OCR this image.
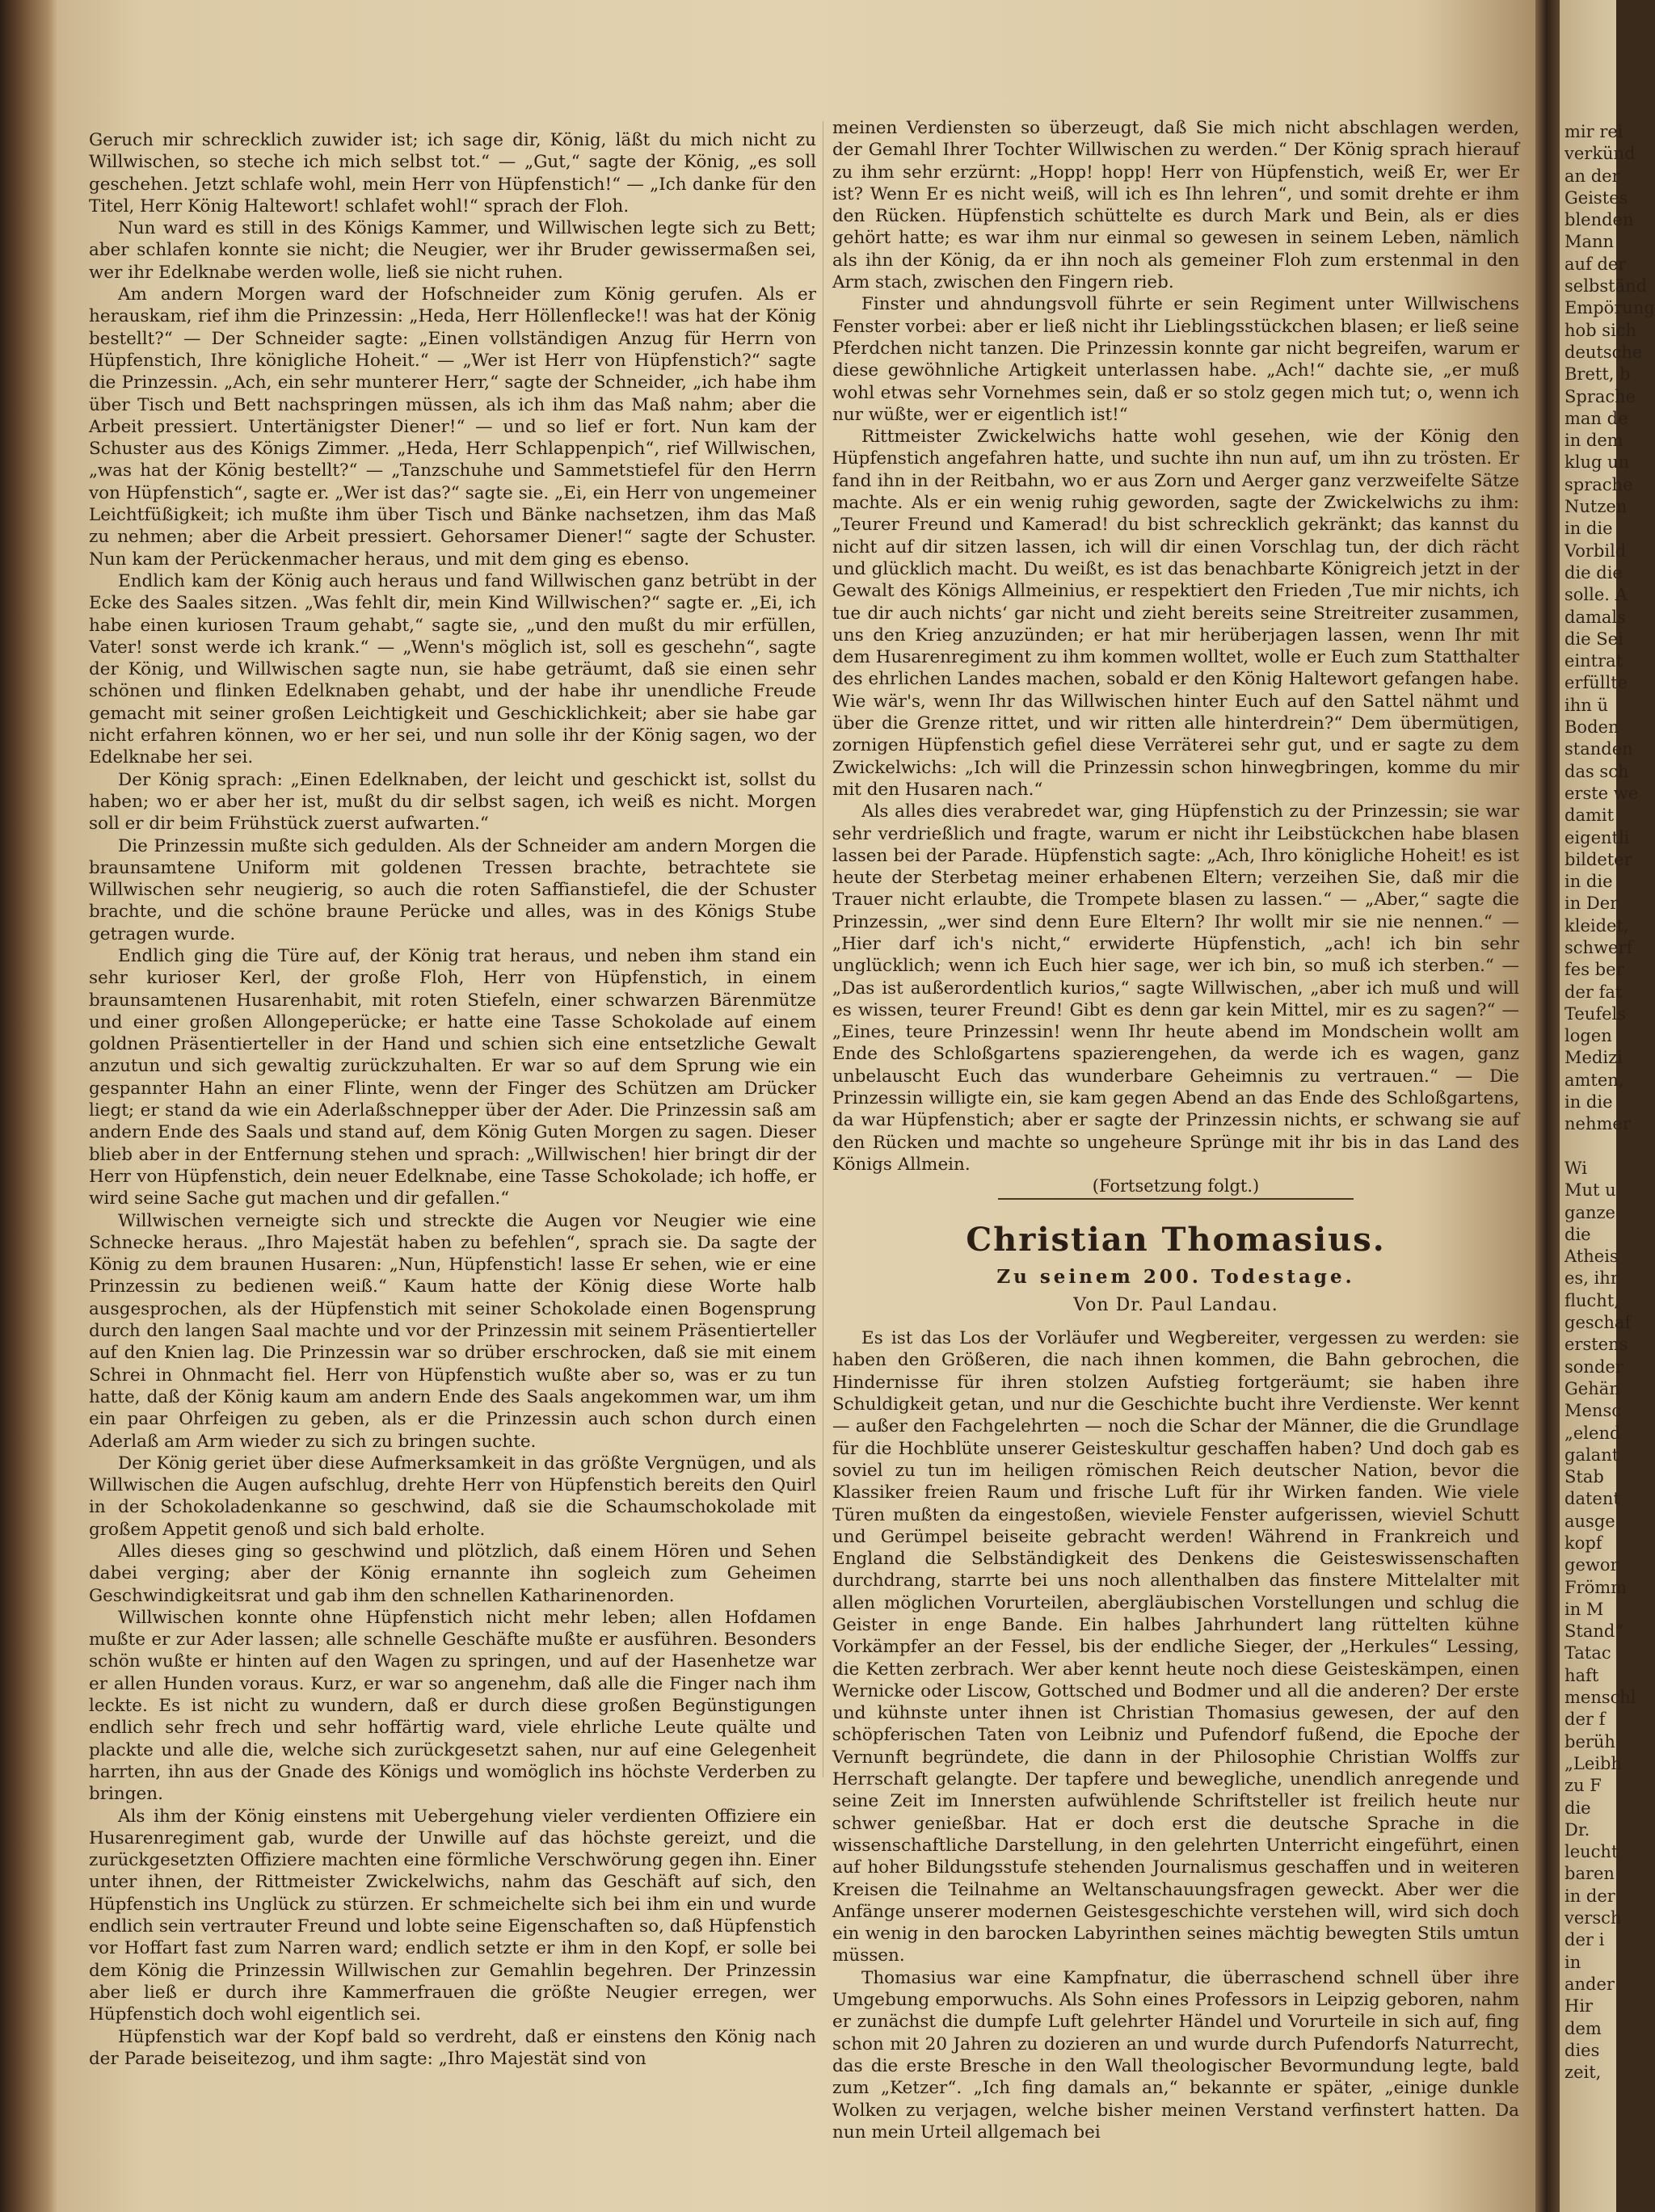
Geruch mir schrecklich zuwider ist; ich sage dir, König, läßt du mich nicht zu Willwischen, so steche ich mich selbst tot.“ — „Gut,“ sagte der König, „es soll geschehen. Jetzt schlafe wohl, mein Herr von Hüpfenstich!“ — „Ich danke für den Titel, Herr König Haltewort! schlafet wohl!“ sprach der Floh.

Nun ward es still in des Königs Kammer, und Willwischen legte sich zu Bett; aber schlafen konnte sie nicht; die Neugier, wer ihr Bruder gewissermaßen sei, wer ihr Edelknabe werden wolle, ließ sie nicht ruhen.

Am andern Morgen ward der Hofschneider zum König gerufen. Als er herauskam, rief ihm die Prinzessin: „Heda, Herr Höllenflecke!! was hat der König bestellt?“ — Der Schneider sagte: „Einen vollständigen Anzug für Herrn von Hüpfenstich, Ihre königliche Hoheit.“ — „Wer ist Herr von Hüpfenstich?“ sagte die Prinzessin. „Ach, ein sehr munterer Herr,“ sagte der Schneider, „ich habe ihm über Tisch und Bett nachspringen müssen, als ich ihm das Maß nahm; aber die Arbeit pressiert. Untertänigster Diener!“ — und so lief er fort. Nun kam der Schuster aus des Königs Zimmer. „Heda, Herr Schlappenpich“, rief Willwischen, „was hat der König bestellt?“ — „Tanzschuhe und Sammetstiefel für den Herrn von Hüpfenstich“, sagte er. „Wer ist das?“ sagte sie. „Ei, ein Herr von ungemeiner Leichtfüßigkeit; ich mußte ihm über Tisch und Bänke nachsetzen, ihm das Maß zu nehmen; aber die Arbeit pressiert. Gehorsamer Diener!“ sagte der Schuster. Nun kam der Perückenmacher heraus, und mit dem ging es ebenso.

Endlich kam der König auch heraus und fand Willwischen ganz betrübt in der Ecke des Saales sitzen. „Was fehlt dir, mein Kind Willwischen?“ sagte er. „Ei, ich habe einen kuriosen Traum gehabt,“ sagte sie, „und den mußt du mir erfüllen, Vater! sonst werde ich krank.“ — „Wenn's möglich ist, soll es geschehn“, sagte der König, und Willwischen sagte nun, sie habe geträumt, daß sie einen sehr schönen und flinken Edelknaben gehabt, und der habe ihr unendliche Freude gemacht mit seiner großen Leichtigkeit und Geschicklichkeit; aber sie habe gar nicht erfahren können, wo er her sei, und nun solle ihr der König sagen, wo der Edelknabe her sei.

Der König sprach: „Einen Edelknaben, der leicht und geschickt ist, sollst du haben; wo er aber her ist, mußt du dir selbst sagen, ich weiß es nicht. Morgen soll er dir beim Frühstück zuerst aufwarten.“

Die Prinzessin mußte sich gedulden. Als der Schneider am andern Morgen die braunsamtene Uniform mit goldenen Tressen brachte, betrachtete sie Willwischen sehr neugierig, so auch die roten Saffianstiefel, die der Schuster brachte, und die schöne braune Perücke und alles, was in des Königs Stube getragen wurde.

Endlich ging die Türe auf, der König trat heraus, und neben ihm stand ein sehr kurioser Kerl, der große Floh, Herr von Hüpfenstich, in einem braunsamtenen Husarenhabit, mit roten Stiefeln, einer schwarzen Bärenmütze und einer großen Allongeperücke; er hatte eine Tasse Schokolade auf einem goldnen Präsentierteller in der Hand und schien sich eine entsetzliche Gewalt anzutun und sich gewaltig zurückzuhalten. Er war so auf dem Sprung wie ein gespannter Hahn an einer Flinte, wenn der Finger des Schützen am Drücker liegt; er stand da wie ein Aderlaßschnepper über der Ader. Die Prinzessin saß am andern Ende des Saals und stand auf, dem König Guten Morgen zu sagen. Dieser blieb aber in der Entfernung stehen und sprach: „Willwischen! hier bringt dir der Herr von Hüpfenstich, dein neuer Edelknabe, eine Tasse Schokolade; ich hoffe, er wird seine Sache gut machen und dir gefallen.“

Willwischen verneigte sich und streckte die Augen vor Neugier wie eine Schnecke heraus. „Ihro Majestät haben zu befehlen“, sprach sie. Da sagte der König zu dem braunen Husaren: „Nun, Hüpfenstich! lasse Er sehen, wie er eine Prinzessin zu bedienen weiß.“ Kaum hatte der König diese Worte halb ausgesprochen, als der Hüpfenstich mit seiner Schokolade einen Bogensprung durch den langen Saal machte und vor der Prinzessin mit seinem Präsentierteller auf den Knien lag. Die Prinzessin war so drüber erschrocken, daß sie mit einem Schrei in Ohnmacht fiel. Herr von Hüpfenstich wußte aber so, was er zu tun hatte, daß der König kaum am andern Ende des Saals angekommen war, um ihm ein paar Ohrfeigen zu geben, als er die Prinzessin auch schon durch einen Aderlaß am Arm wieder zu sich zu bringen suchte.

Der König geriet über diese Aufmerksamkeit in das größte Vergnügen, und als Willwischen die Augen aufschlug, drehte Herr von Hüpfenstich bereits den Quirl in der Schokoladenkanne so geschwind, daß sie die Schaumschokolade mit großem Appetit genoß und sich bald erholte.

Alles dieses ging so geschwind und plötzlich, daß einem Hören und Sehen dabei verging; aber der König ernannte ihn sogleich zum Geheimen Geschwindigkeitsrat und gab ihm den schnellen Katharinenorden.

Willwischen konnte ohne Hüpfenstich nicht mehr leben; allen Hofdamen mußte er zur Ader lassen; alle schnelle Geschäfte mußte er ausführen. Besonders schön wußte er hinten auf den Wagen zu springen, und auf der Hasenhetze war er allen Hunden voraus. Kurz, er war so angenehm, daß alle die Finger nach ihm leckte. Es ist nicht zu wundern, daß er durch diese großen Begünstigungen endlich sehr frech und sehr hoffärtig ward, viele ehrliche Leute quälte und plackte und alle die, welche sich zurückgesetzt sahen, nur auf eine Gelegenheit harrten, ihn aus der Gnade des Königs und womöglich ins höchste Verderben zu bringen.

Als ihm der König einstens mit Uebergehung vieler verdienten Offiziere ein Husarenregiment gab, wurde der Unwille auf das höchste gereizt, und die zurückgesetzten Offiziere machten eine förmliche Verschwörung gegen ihn. Einer unter ihnen, der Rittmeister Zwickelwichs, nahm das Geschäft auf sich, den Hüpfenstich ins Unglück zu stürzen. Er schmeichelte sich bei ihm ein und wurde endlich sein vertrauter Freund und lobte seine Eigenschaften so, daß Hüpfenstich vor Hoffart fast zum Narren ward; endlich setzte er ihm in den Kopf, er solle bei dem König die Prinzessin Willwischen zur Gemahlin begehren. Der Prinzessin aber ließ er durch ihre Kammerfrauen die größte Neugier erregen, wer Hüpfenstich doch wohl eigentlich sei.

Hüpfenstich war der Kopf bald so verdreht, daß er einstens den König nach der Parade beiseitezog, und ihm sagte: „Ihro Majestät sind von

meinen Verdiensten so überzeugt, daß Sie mich nicht abschlagen werden, der Gemahl Ihrer Tochter Willwischen zu werden.“ Der König sprach hierauf zu ihm sehr erzürnt: „Hopp! hopp! Herr von Hüpfenstich, weiß Er, wer Er ist? Wenn Er es nicht weiß, will ich es Ihn lehren“, und somit drehte er ihm den Rücken. Hüpfenstich schüttelte es durch Mark und Bein, als er dies gehört hatte; es war ihm nur einmal so gewesen in seinem Leben, nämlich als ihn der König, da er ihn noch als gemeiner Floh zum erstenmal in den Arm stach, zwischen den Fingern rieb.

Finster und ahndungsvoll führte er sein Regiment unter Willwischens Fenster vorbei: aber er ließ nicht ihr Lieblingsstückchen blasen; er ließ seine Pferdchen nicht tanzen. Die Prinzessin konnte gar nicht begreifen, warum er diese gewöhnliche Artigkeit unterlassen habe. „Ach!“ dachte sie, „er muß wohl etwas sehr Vornehmes sein, daß er so stolz gegen mich tut; o, wenn ich nur wüßte, wer er eigentlich ist!“

Rittmeister Zwickelwichs hatte wohl gesehen, wie der König den Hüpfenstich angefahren hatte, und suchte ihn nun auf, um ihn zu trösten. Er fand ihn in der Reitbahn, wo er aus Zorn und Aerger ganz verzweifelte Sätze machte. Als er ein wenig ruhig geworden, sagte der Zwickelwichs zu ihm: „Teurer Freund und Kamerad! du bist schrecklich gekränkt; das kannst du nicht auf dir sitzen lassen, ich will dir einen Vorschlag tun, der dich rächt und glücklich macht. Du weißt, es ist das benachbarte Königreich jetzt in der Gewalt des Königs Allmeinius, er respektiert den Frieden ‚Tue mir nichts, ich tue dir auch nichts‘ gar nicht und zieht bereits seine Streitreiter zusammen, uns den Krieg anzuzünden; er hat mir herüberjagen lassen, wenn Ihr mit dem Husarenregiment zu ihm kommen wolltet, wolle er Euch zum Statthalter des ehrlichen Landes machen, sobald er den König Haltewort gefangen habe. Wie wär's, wenn Ihr das Willwischen hinter Euch auf den Sattel nähmt und über die Grenze rittet, und wir ritten alle hinterdrein?“ Dem übermütigen, zornigen Hüpfenstich gefiel diese Verräterei sehr gut, und er sagte zu dem Zwickelwichs: „Ich will die Prinzessin schon hinwegbringen, komme du mir mit den Husaren nach.“

Als alles dies verabredet war, ging Hüpfenstich zu der Prinzessin; sie war sehr verdrießlich und fragte, warum er nicht ihr Leibstückchen habe blasen lassen bei der Parade. Hüpfenstich sagte: „Ach, Ihro königliche Hoheit! es ist heute der Sterbetag meiner erhabenen Eltern; verzeihen Sie, daß mir die Trauer nicht erlaubte, die Trompete blasen zu lassen.“ — „Aber,“ sagte die Prinzessin, „wer sind denn Eure Eltern? Ihr wollt mir sie nie nennen.“ — „Hier darf ich's nicht,“ erwiderte Hüpfenstich, „ach! ich bin sehr unglücklich; wenn ich Euch hier sage, wer ich bin, so muß ich sterben.“ — „Das ist außerordentlich kurios,“ sagte Willwischen, „aber ich muß und will es wissen, teurer Freund! Gibt es denn gar kein Mittel, mir es zu sagen?“ — „Eines, teure Prinzessin! wenn Ihr heute abend im Mondschein wollt am Ende des Schloßgartens spazierengehen, da werde ich es wagen, ganz unbelauscht Euch das wunderbare Geheimnis zu vertrauen.“ — Die Prinzessin willigte ein, sie kam gegen Abend an das Ende des Schloßgartens, da war Hüpfenstich; aber er sagte der Prinzessin nichts, er schwang sie auf den Rücken und machte so ungeheure Sprünge mit ihr bis in das Land des Königs Allmein.

(Fortsetzung folgt.)

Christian Thomasius.
Zu seinem 200. Todestage.
Von Dr. Paul Landau.

Es ist das Los der Vorläufer und Wegbereiter, vergessen zu werden: sie haben den Größeren, die nach ihnen kommen, die Bahn gebrochen, die Hindernisse für ihren stolzen Aufstieg fortgeräumt; sie haben ihre Schuldigkeit getan, und nur die Geschichte bucht ihre Verdienste. Wer kennt — außer den Fachgelehrten — noch die Schar der Männer, die die Grundlage für die Hochblüte unserer Geisteskultur geschaffen haben? Und doch gab es soviel zu tun im heiligen römischen Reich deutscher Nation, bevor die Klassiker freien Raum und frische Luft für ihr Wirken fanden. Wie viele Türen mußten da eingestoßen, wieviele Fenster aufgerissen, wieviel Schutt und Gerümpel beiseite gebracht werden! Während in Frankreich und England die Selbständigkeit des Denkens die Geisteswissenschaften durchdrang, starrte bei uns noch allenthalben das finstere Mittelalter mit allen möglichen Vorurteilen, abergläubischen Vorstellungen und schlug die Geister in enge Bande. Ein halbes Jahrhundert lang rüttelten kühne Vorkämpfer an der Fessel, bis der endliche Sieger, der „Herkules“ Lessing, die Ketten zerbrach. Wer aber kennt heute noch diese Geisteskämpen, einen Wernicke oder Liscow, Gottsched und Bodmer und all die anderen? Der erste und kühnste unter ihnen ist Christian Thomasius gewesen, der auf den schöpferischen Taten von Leibniz und Pufendorf fußend, die Epoche der Vernunft begründete, die dann in der Philosophie Christian Wolffs zur Herrschaft gelangte. Der tapfere und bewegliche, unendlich anregende und seine Zeit im Innersten aufwühlende Schriftsteller ist freilich heute nur schwer genießbar. Hat er doch erst die deutsche Sprache in die wissenschaftliche Darstellung, in den gelehrten Unterricht eingeführt, einen auf hoher Bildungsstufe stehenden Journalismus geschaffen und in weiteren Kreisen die Teilnahme an Weltanschauungsfragen geweckt. Aber wer die Anfänge unserer modernen Geistesgeschichte verstehen will, wird sich doch ein wenig in den barocken Labyrinthen seines mächtig bewegten Stils umtun müssen.

Thomasius war eine Kampfnatur, die überraschend schnell über ihre Umgebung emporwuchs. Als Sohn eines Professors in Leipzig geboren, nahm er zunächst die dumpfe Luft gelehrter Händel und Vorurteile in sich auf, fing schon mit 20 Jahren zu dozieren an und wurde durch Pufendorfs Naturrecht, das die erste Bresche in den Wall theologischer Bevormundung legte, bald zum „Ketzer“. „Ich fing damals an,“ bekannte er später, „einige dunkle Wolken zu verjagen, welche bisher meinen Verstand verfinstert hatten. Da nun mein Urteil allgemach bei

mir rei
verkünd
an der
Geistes
blenden
Mann
auf der
selbständ
Empörung
hob sich
deutsche
Brett, b
Sprache
man de
in dem
klug un
sprache
Nutzen
in die
Vorbild
die die
solle. A
damals
die Sei
eintrat
erfüllte
ihn ü
Boden
standen
das sch
erste we
damit
eigentli
bildeter
in die
in Der
kleidet,
schwerf
fes ber
der fat
Teufels
logen
Medizi
amten,
in die
nehmer
Wi
Mut u
ganze
die
Atheis
es, ihr
flucht,
geschaf
erstens
sonder
Gehän
Mensc
„elend
galant
Stab
datent
ausge
kopf
gewor
Frömm
in M
Stand“
Tatac
haft
menschl
der f
berüh
„Leibh
zu F
die
Dr.
leucht
baren
in der
versch
der i
in
ander
Hir
dem
dies
zeit,
